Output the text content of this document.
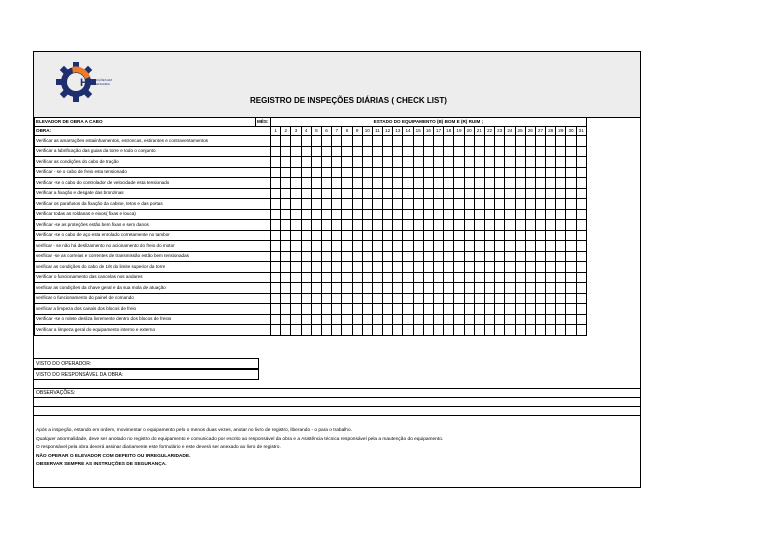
H SOLUÇÕES EM
ENGENHARIA
REGISTRO DE INSPEÇÕES DIÁRIAS ( CHECK LIST)
ELEVADOR DE OBRA A CABO	MÊS:	ESTADO DO EQUIPAMENTO (B) BOM E (R) RUIM ;																														
OBRA:		1	2	3	4	5	6	7	8	9	10	11	12	13	14	15	16	17	18	19	20	21	22	23	24	25	26	27	28	29	30	31
Verificar as amarrações estaiinhamentos, estroncas, estirantes e contraventamentos																																
Verificar a lubrificação das guias da torre e todo o conjunto																																
Verificar as condições do cabo de tração																																
Verificar - se o cabo de freio esta tensionado																																
Verificar -se o cabo do controlador de velocidade esta tensionado																																
Verificar a fixação e desgate das bronzinas																																
Verificar os parafusos da fixação da cabine, tetos e das portas																																
Verificar todas as roldanas e eixos( fixas e louca)																																
Verificar -se as proteções estão bem fixas e sem danos																																
Verificar -se o cabo de aço esta enrolado corretamente no tambor																																
verificar - se não há deslizamento no acionamento do freio do motor																																
verificar -se as correias e correntes de transmissão estão bem tensionadas																																
verificar as condições do cabo de 1/8 do limite superior da torre																																
Verificar o funcionamento das cancelas nos andares																																
verificar as condições da chave geral e da sua mola de atuação																																
verificar o funcionamento do painel de comando																																
verificar a limpeza dos canais dos blocos de freio																																
Verificar -se o rolete desliza livremente dentro dos blocos de freios																																
Verificar a limpeza geral do equipamento interno e externo																																
VISTO DO OPERADOR:
VISTO DO RESPONSÁVEL DA OBRA:
OBSERVAÇÕES:
Após a inspeção, estando em ordem, movimentar o equipamento pelo o menos duas vezes, anotar no livro de registro, liberando - o para o trabalho.
Qualquer anormalidade, deve ser anotado no registro do equipamento e comunicado por escrito ao responsável da obra e a Asistência técnica responsável pela a mautenção do equipamento.
O responsável pela obra deverá assinar diariamente este formulário e este deverá ser anexado ao livro de registro.
NÃO OPERAR O ELEVADOR COM DEFEITO OU IRREGULARIDADE.
OBSERVAR SEMPRE AS INSTRUÇÕES DE SEGURANÇA.
